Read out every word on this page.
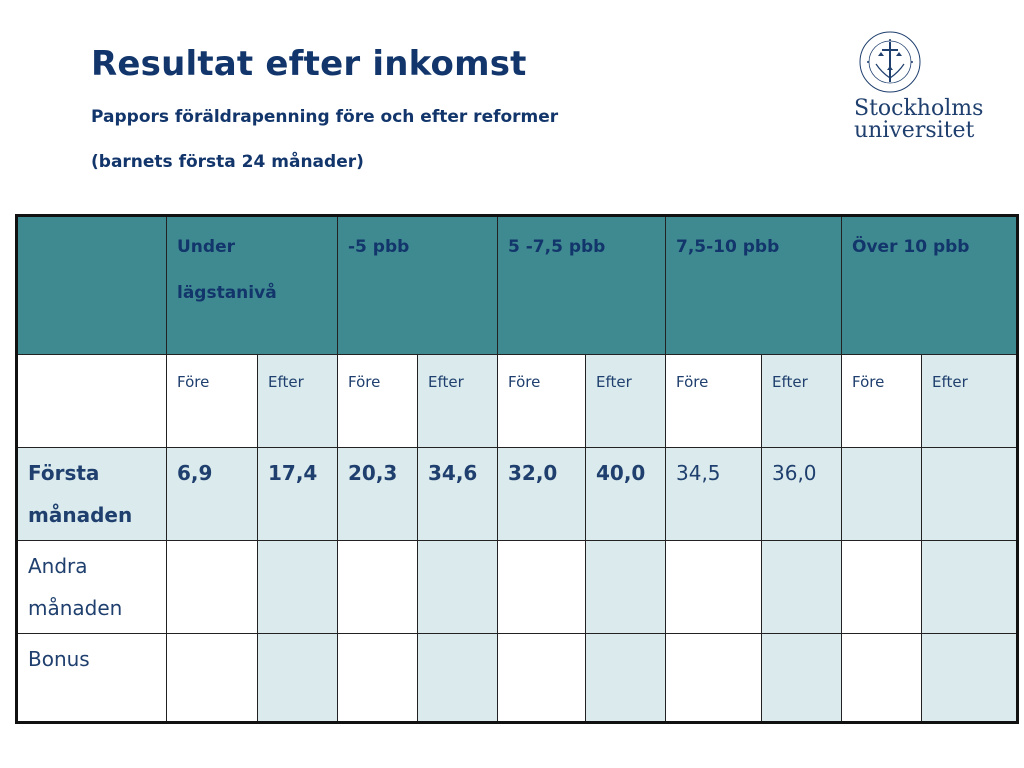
Resultat efter inkomst

Pappors föräldrapenning före och efter reformer

(barnets första 24 månader)

Stockholms
universitet
	Under lägstanivå		-5 pbb		5 -7,5 pbb		7,5-10 pbb		Över 10 pbb	
	Före	Efter	Före	Efter	Före	Efter	Före	Efter	Före	Efter
Första månaden	6,9	17,4	20,3	34,6	32,0	40,0	34,5	36,0		
Andra månaden										
Bonus										
